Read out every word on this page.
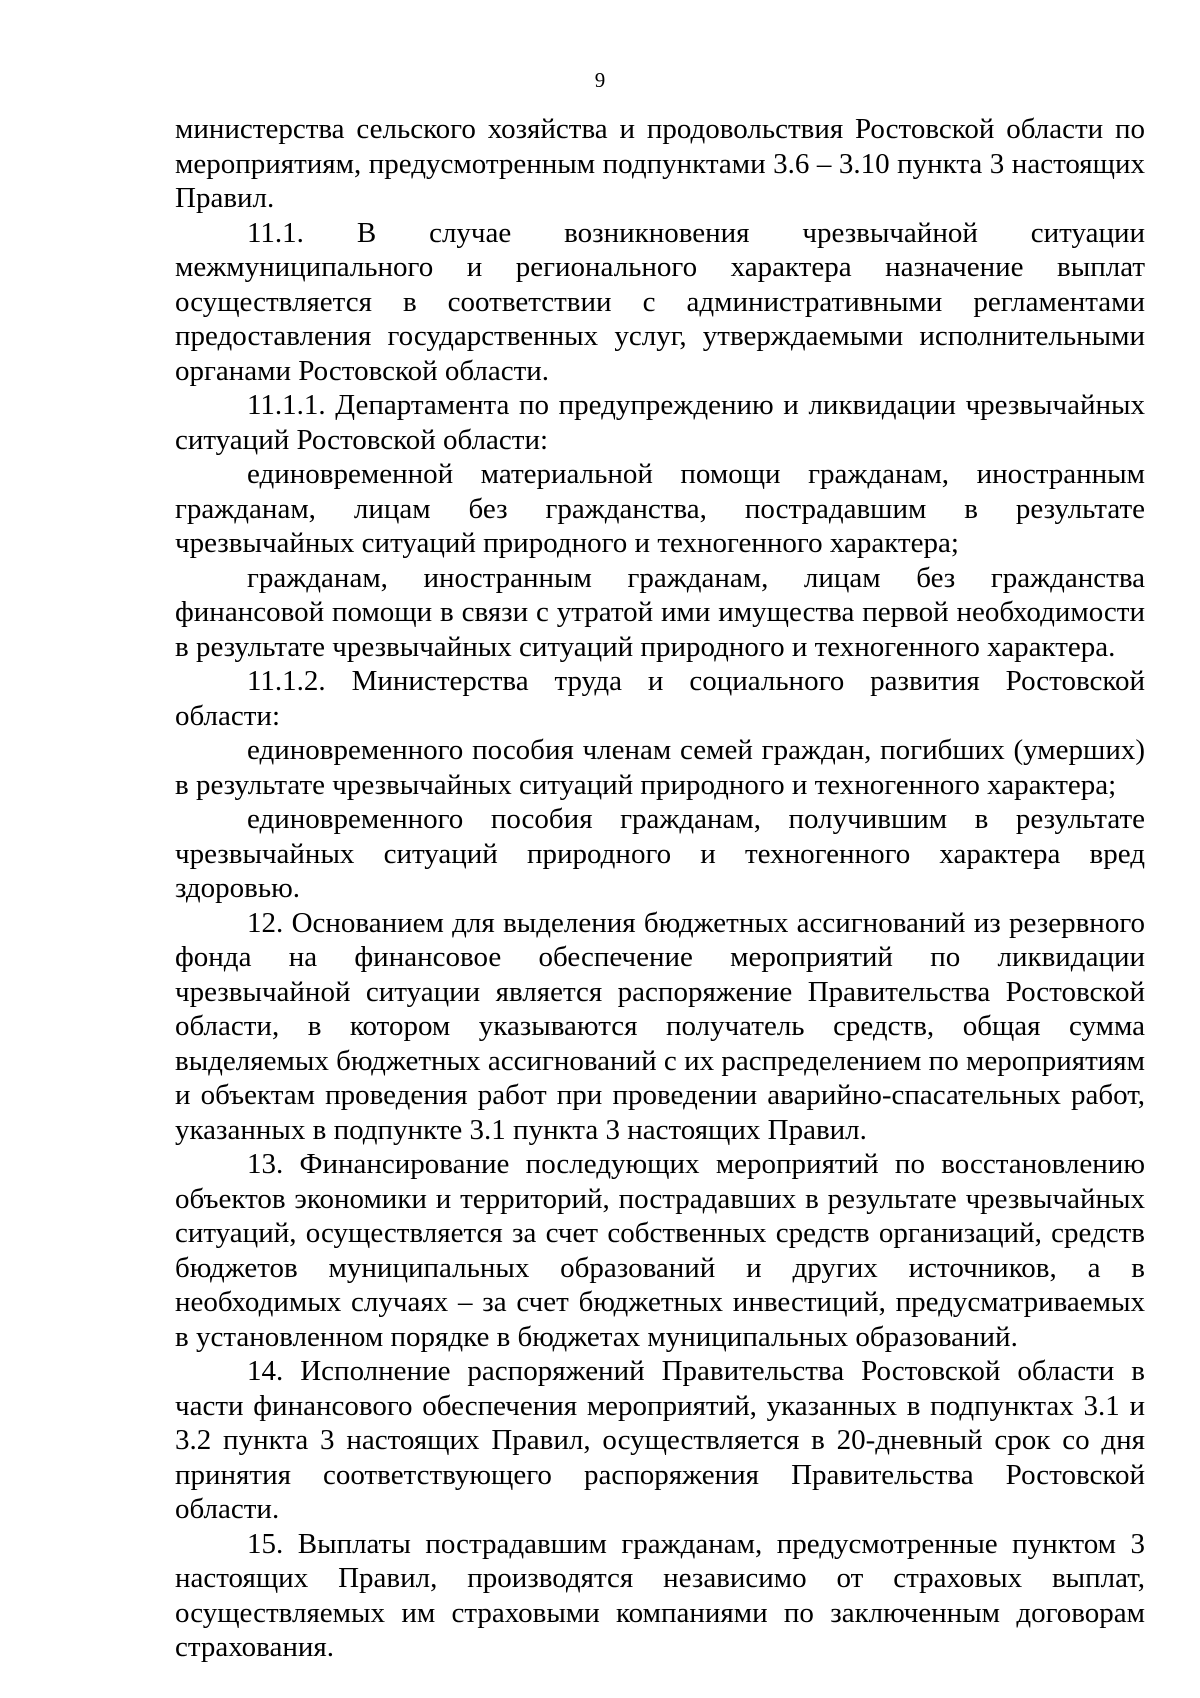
9

министерства сельского хозяйства и продовольствия Ростовской области по мероприятиям, предусмотренным подпунктами 3.6 – 3.10 пункта 3 настоящих Правил.

11.1. В случае возникновения чрезвычайной ситуации межмуниципального и регионального характера назначение выплат осуществляется в соответствии с административными регламентами предоставления государственных услуг, утверждаемыми исполнительными органами Ростовской области.

11.1.1. Департамента по предупреждению и ликвидации чрезвычайных ситуаций Ростовской области:

единовременной материальной помощи гражданам, иностранным гражданам, лицам без гражданства, пострадавшим в результате чрезвычайных ситуаций природного и техногенного характера;

гражданам, иностранным гражданам, лицам без гражданства финансовой помощи в связи с утратой ими имущества первой необходимости в результате чрезвычайных ситуаций природного и техногенного характера.

11.1.2. Министерства труда и социального развития Ростовской области:

единовременного пособия членам семей граждан, погибших (умерших) в результате чрезвычайных ситуаций природного и техногенного характера;

единовременного пособия гражданам, получившим в результате чрезвычайных ситуаций природного и техногенного характера вред здоровью.

12. Основанием для выделения бюджетных ассигнований из резервного фонда на финансовое обеспечение мероприятий по ликвидации чрезвычайной ситуации является распоряжение Правительства Ростовской области, в котором указываются получатель средств, общая сумма выделяемых бюджетных ассигнований с их распределением по мероприятиям и объектам проведения работ при проведении аварийно-спасательных работ, указанных в подпункте 3.1 пункта 3 настоящих Правил.

13. Финансирование последующих мероприятий по восстановлению объектов экономики и территорий, пострадавших в результате чрезвычайных ситуаций, осуществляется за счет собственных средств организаций, средств бюджетов муниципальных образований и других источников, а в необходимых случаях – за счет бюджетных инвестиций, предусматриваемых в установленном порядке в бюджетах муниципальных образований.

14. Исполнение распоряжений Правительства Ростовской области в части финансового обеспечения мероприятий, указанных в подпунктах 3.1 и 3.2 пункта 3 настоящих Правил, осуществляется в 20-дневный срок со дня принятия соответствующего распоряжения Правительства Ростовской области.

15. Выплаты пострадавшим гражданам, предусмотренные пунктом 3 настоящих Правил, производятся независимо от страховых выплат, осуществляемых им страховыми компаниями по заключенным договорам страхования.
